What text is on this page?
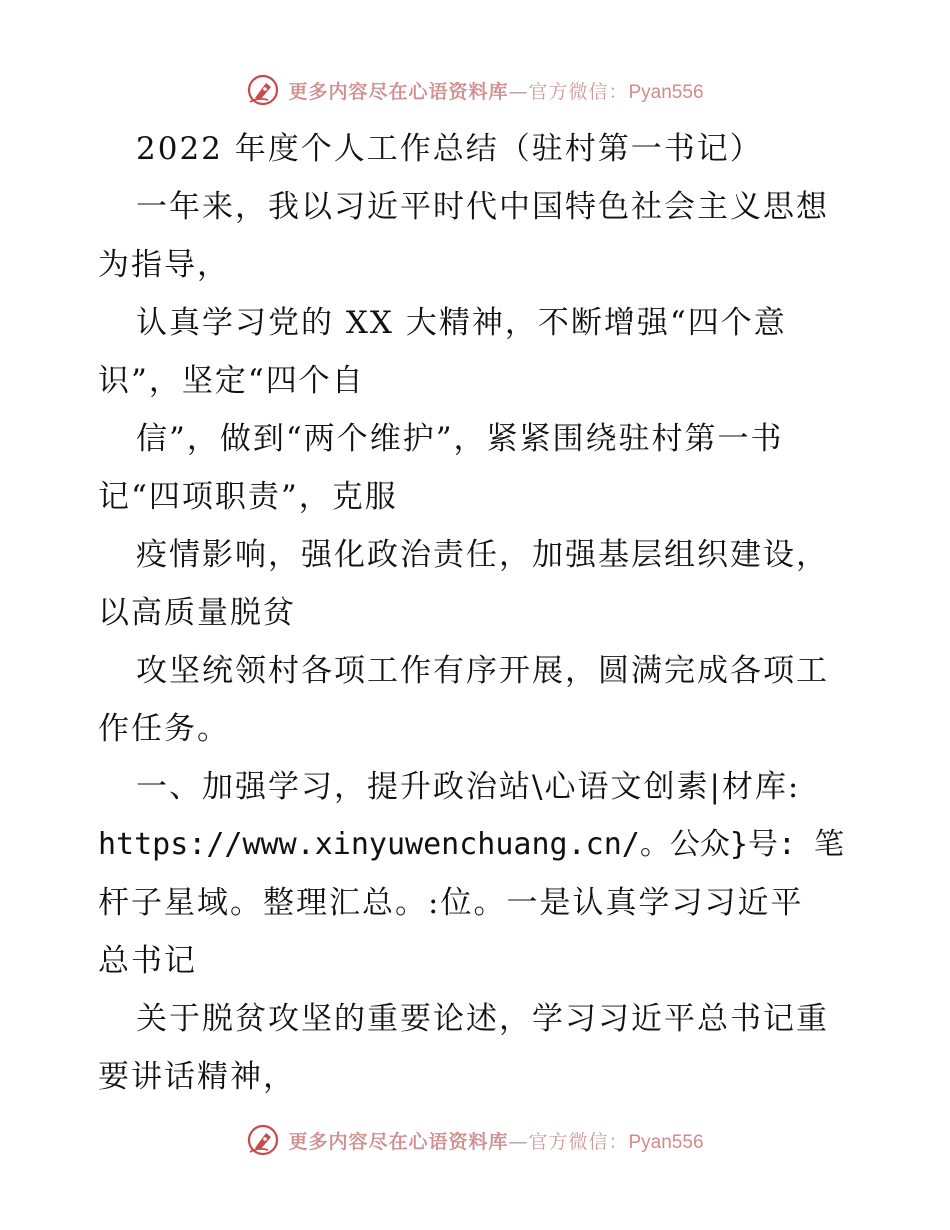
更多内容尽在心语资料库—官方微信：Pyan556
2022 年度个人工作总结（驻村第一书记）
一年来，我以习近平时代中国特色社会主义思想
为指导，
认真学习党的 XX 大精神，不断增强“四个意
识”，坚定“四个自
信”，做到“两个维护”，紧紧围绕驻村第一书
记“四项职责”，克服
疫情影响，强化政治责任，加强基层组织建设，
以高质量脱贫
攻坚统领村各项工作有序开展，圆满完成各项工
作任务。
一、加强学习，提升政治站\心语文创素|材库:
https://www.xinyuwenchuang.cn/。公众}号: 笔
杆子星域。整理汇总。:位。一是认真学习习近平
总书记
关于脱贫攻坚的重要论述，学习习近平总书记重
要讲话精神，
更多内容尽在心语资料库—官方微信：Pyan556
